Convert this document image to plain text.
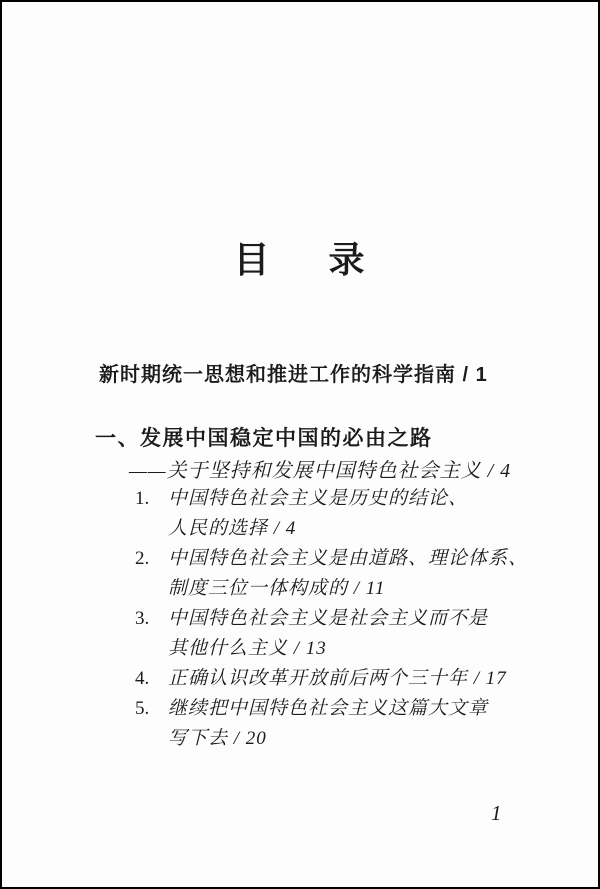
目 录
新时期统一思想和推进工作的科学指南 / 1
一、发展中国稳定中国的必由之路
——关于坚持和发展中国特色社会主义 / 4
1. 中国特色社会主义是历史的结论、
人民的选择 / 4
2. 中国特色社会主义是由道路、理论体系、
制度三位一体构成的 / 11
3. 中国特色社会主义是社会主义而不是
其他什么主义 / 13
4. 正确认识改革开放前后两个三十年 / 17
5. 继续把中国特色社会主义这篇大文章
写下去 / 20
1
